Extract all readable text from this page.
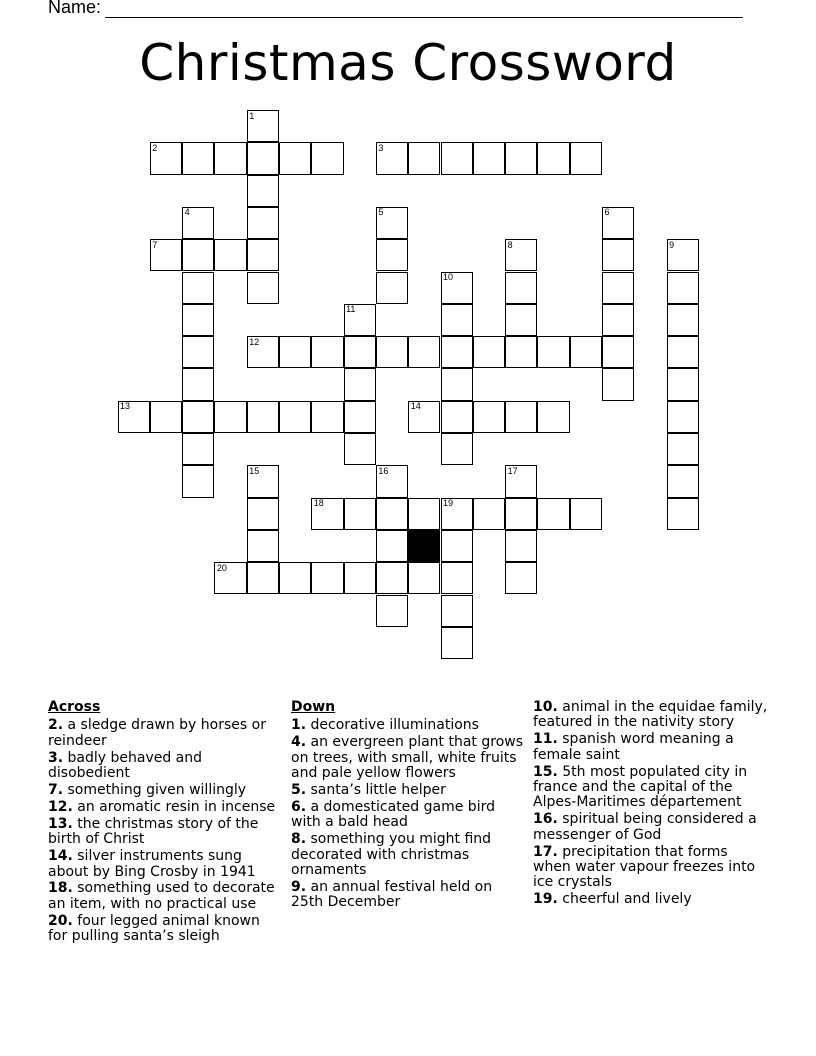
Name:
Christmas Crossword
1
2	3
4	5	6
7	8	9
10
11
12
13	14
15	16	17
18	19
20
Across
2. a sledge drawn by horses or reindeer
3. badly behaved and disobedient
7. something given willingly
12. an aromatic resin in incense
13. the christmas story of the birth of Christ
14. silver instruments sung about by Bing Crosby in 1941
18. something used to decorate an item, with no practical use
20. four legged animal known for pulling santa’s sleigh
Down
1. decorative illuminations
4. an evergreen plant that grows on trees, with small, white fruits and pale yellow flowers
5. santa’s little helper
6. a domesticated game bird with a bald head
8. something you might find decorated with christmas ornaments
9. an annual festival held on 25th December
10. animal in the equidae family, featured in the nativity story
11. spanish word meaning a female saint
15. 5th most populated city in france and the capital of the Alpes-Maritimes département
16. spiritual being considered a messenger of God
17. precipitation that forms when water vapour freezes into ice crystals
19. cheerful and lively
